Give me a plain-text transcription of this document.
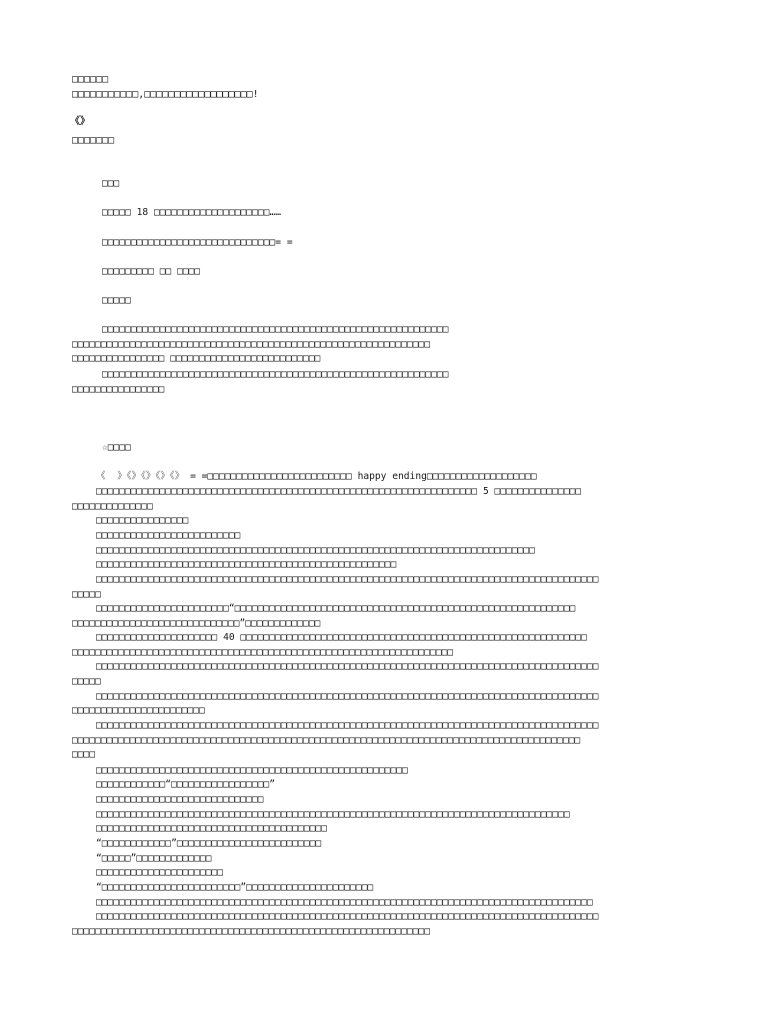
□□□□□□
□□□□□□□□□□□,□□□□□□□□□□□□□□□□□□!
《》
□□□□□□□
□□□
□□□□□ 18 □□□□□□□□□□□□□□□□□□□□……
□□□□□□□□□□□□□□□□□□□□□□□□□□□□□□= =
□□□□□□□□□ □□ □□□□
□□□□□
□□□□□□□□□□□□□□□□□□□□□□□□□□□□□□□□□□□□□□□□□□□□□□□□□□□□□□□□□□□□
□□□□□□□□□□□□□□□□□□□□□□□□□□□□□□□□□□□□□□□□□□□□□□□□□□□□□□□□□□□□□□
□□□□□□□□□□□□□□□□ □□□□□□□□□□□□□□□□□□□□□□□□□□
□□□□□□□□□□□□□□□□□□□□□□□□□□□□□□□□□□□□□□□□□□□□□□□□□□□□□□□□□□□□
□□□□□□□□□□□□□□□□
☆□□□□
《  》《》《》《》《》 = =□□□□□□□□□□□□□□□□□□□□□□□□□ happy ending□□□□□□□□□□□□□□□□□□□
□□□□□□□□□□□□□□□□□□□□□□□□□□□□□□□□□□□□□□□□□□□□□□□□□□□□□□□□□□□□□□□□□□ 5 □□□□□□□□□□□□□□□
□□□□□□□□□□□□□□
□□□□□□□□□□□□□□□□
□□□□□□□□□□□□□□□□□□□□□□□□□
□□□□□□□□□□□□□□□□□□□□□□□□□□□□□□□□□□□□□□□□□□□□□□□□□□□□□□□□□□□□□□□□□□□□□□□□□□□□
□□□□□□□□□□□□□□□□□□□□□□□□□□□□□□□□□□□□□□□□□□□□□□□□□□□□
□□□□□□□□□□□□□□□□□□□□□□□□□□□□□□□□□□□□□□□□□□□□□□□□□□□□□□□□□□□□□□□□□□□□□□□□□□□□□□□□□□□□□□□
□□□□□
□□□□□□□□□□□□□□□□□□□□□□□“□□□□□□□□□□□□□□□□□□□□□□□□□□□□□□□□□□□□□□□□□□□□□□□□□□□□□□□□□□□
□□□□□□□□□□□□□□□□□□□□□□□□□□□□□”□□□□□□□□□□□□□
□□□□□□□□□□□□□□□□□□□□□ 40 □□□□□□□□□□□□□□□□□□□□□□□□□□□□□□□□□□□□□□□□□□□□□□□□□□□□□□□□□□□□
□□□□□□□□□□□□□□□□□□□□□□□□□□□□□□□□□□□□□□□□□□□□□□□□□□□□□□□□□□□□□□□□□□
□□□□□□□□□□□□□□□□□□□□□□□□□□□□□□□□□□□□□□□□□□□□□□□□□□□□□□□□□□□□□□□□□□□□□□□□□□□□□□□□□□□□□□□
□□□□□
□□□□□□□□□□□□□□□□□□□□□□□□□□□□□□□□□□□□□□□□□□□□□□□□□□□□□□□□□□□□□□□□□□□□□□□□□□□□□□□□□□□□□□□
□□□□□□□□□□□□□□□□□□□□□□□
□□□□□□□□□□□□□□□□□□□□□□□□□□□□□□□□□□□□□□□□□□□□□□□□□□□□□□□□□□□□□□□□□□□□□□□□□□□□□□□□□□□□□□□
□□□□□□□□□□□□□□□□□□□□□□□□□□□□□□□□□□□□□□□□□□□□□□□□□□□□□□□□□□□□□□□□□□□□□□□□□□□□□□□□□□□□□□□□
□□□□
□□□□□□□□□□□□□□□□□□□□□□□□□□□□□□□□□□□□□□□□□□□□□□□□□□□□□□
□□□□□□□□□□□□“□□□□□□□□□□□□□□□□□”
□□□□□□□□□□□□□□□□□□□□□□□□□□□□□
□□□□□□□□□□□□□□□□□□□□□□□□□□□□□□□□□□□□□□□□□□□□□□□□□□□□□□□□□□□□□□□□□□□□□□□□□□□□□□□□□□
□□□□□□□□□□□□□□□□□□□□□□□□□□□□□□□□□□□□□□□□
“□□□□□□□□□□□□”□□□□□□□□□□□□□□□□□□□□□□□□□
“□□□□□”□□□□□□□□□□□□□
□□□□□□□□□□□□□□□□□□□□□□
“□□□□□□□□□□□□□□□□□□□□□□□□”□□□□□□□□□□□□□□□□□□□□□□
□□□□□□□□□□□□□□□□□□□□□□□□□□□□□□□□□□□□□□□□□□□□□□□□□□□□□□□□□□□□□□□□□□□□□□□□□□□□□□□□□□□□□□
□□□□□□□□□□□□□□□□□□□□□□□□□□□□□□□□□□□□□□□□□□□□□□□□□□□□□□□□□□□□□□□□□□□□□□□□□□□□□□□□□□□□□□□
□□□□□□□□□□□□□□□□□□□□□□□□□□□□□□□□□□□□□□□□□□□□□□□□□□□□□□□□□□□□□□
